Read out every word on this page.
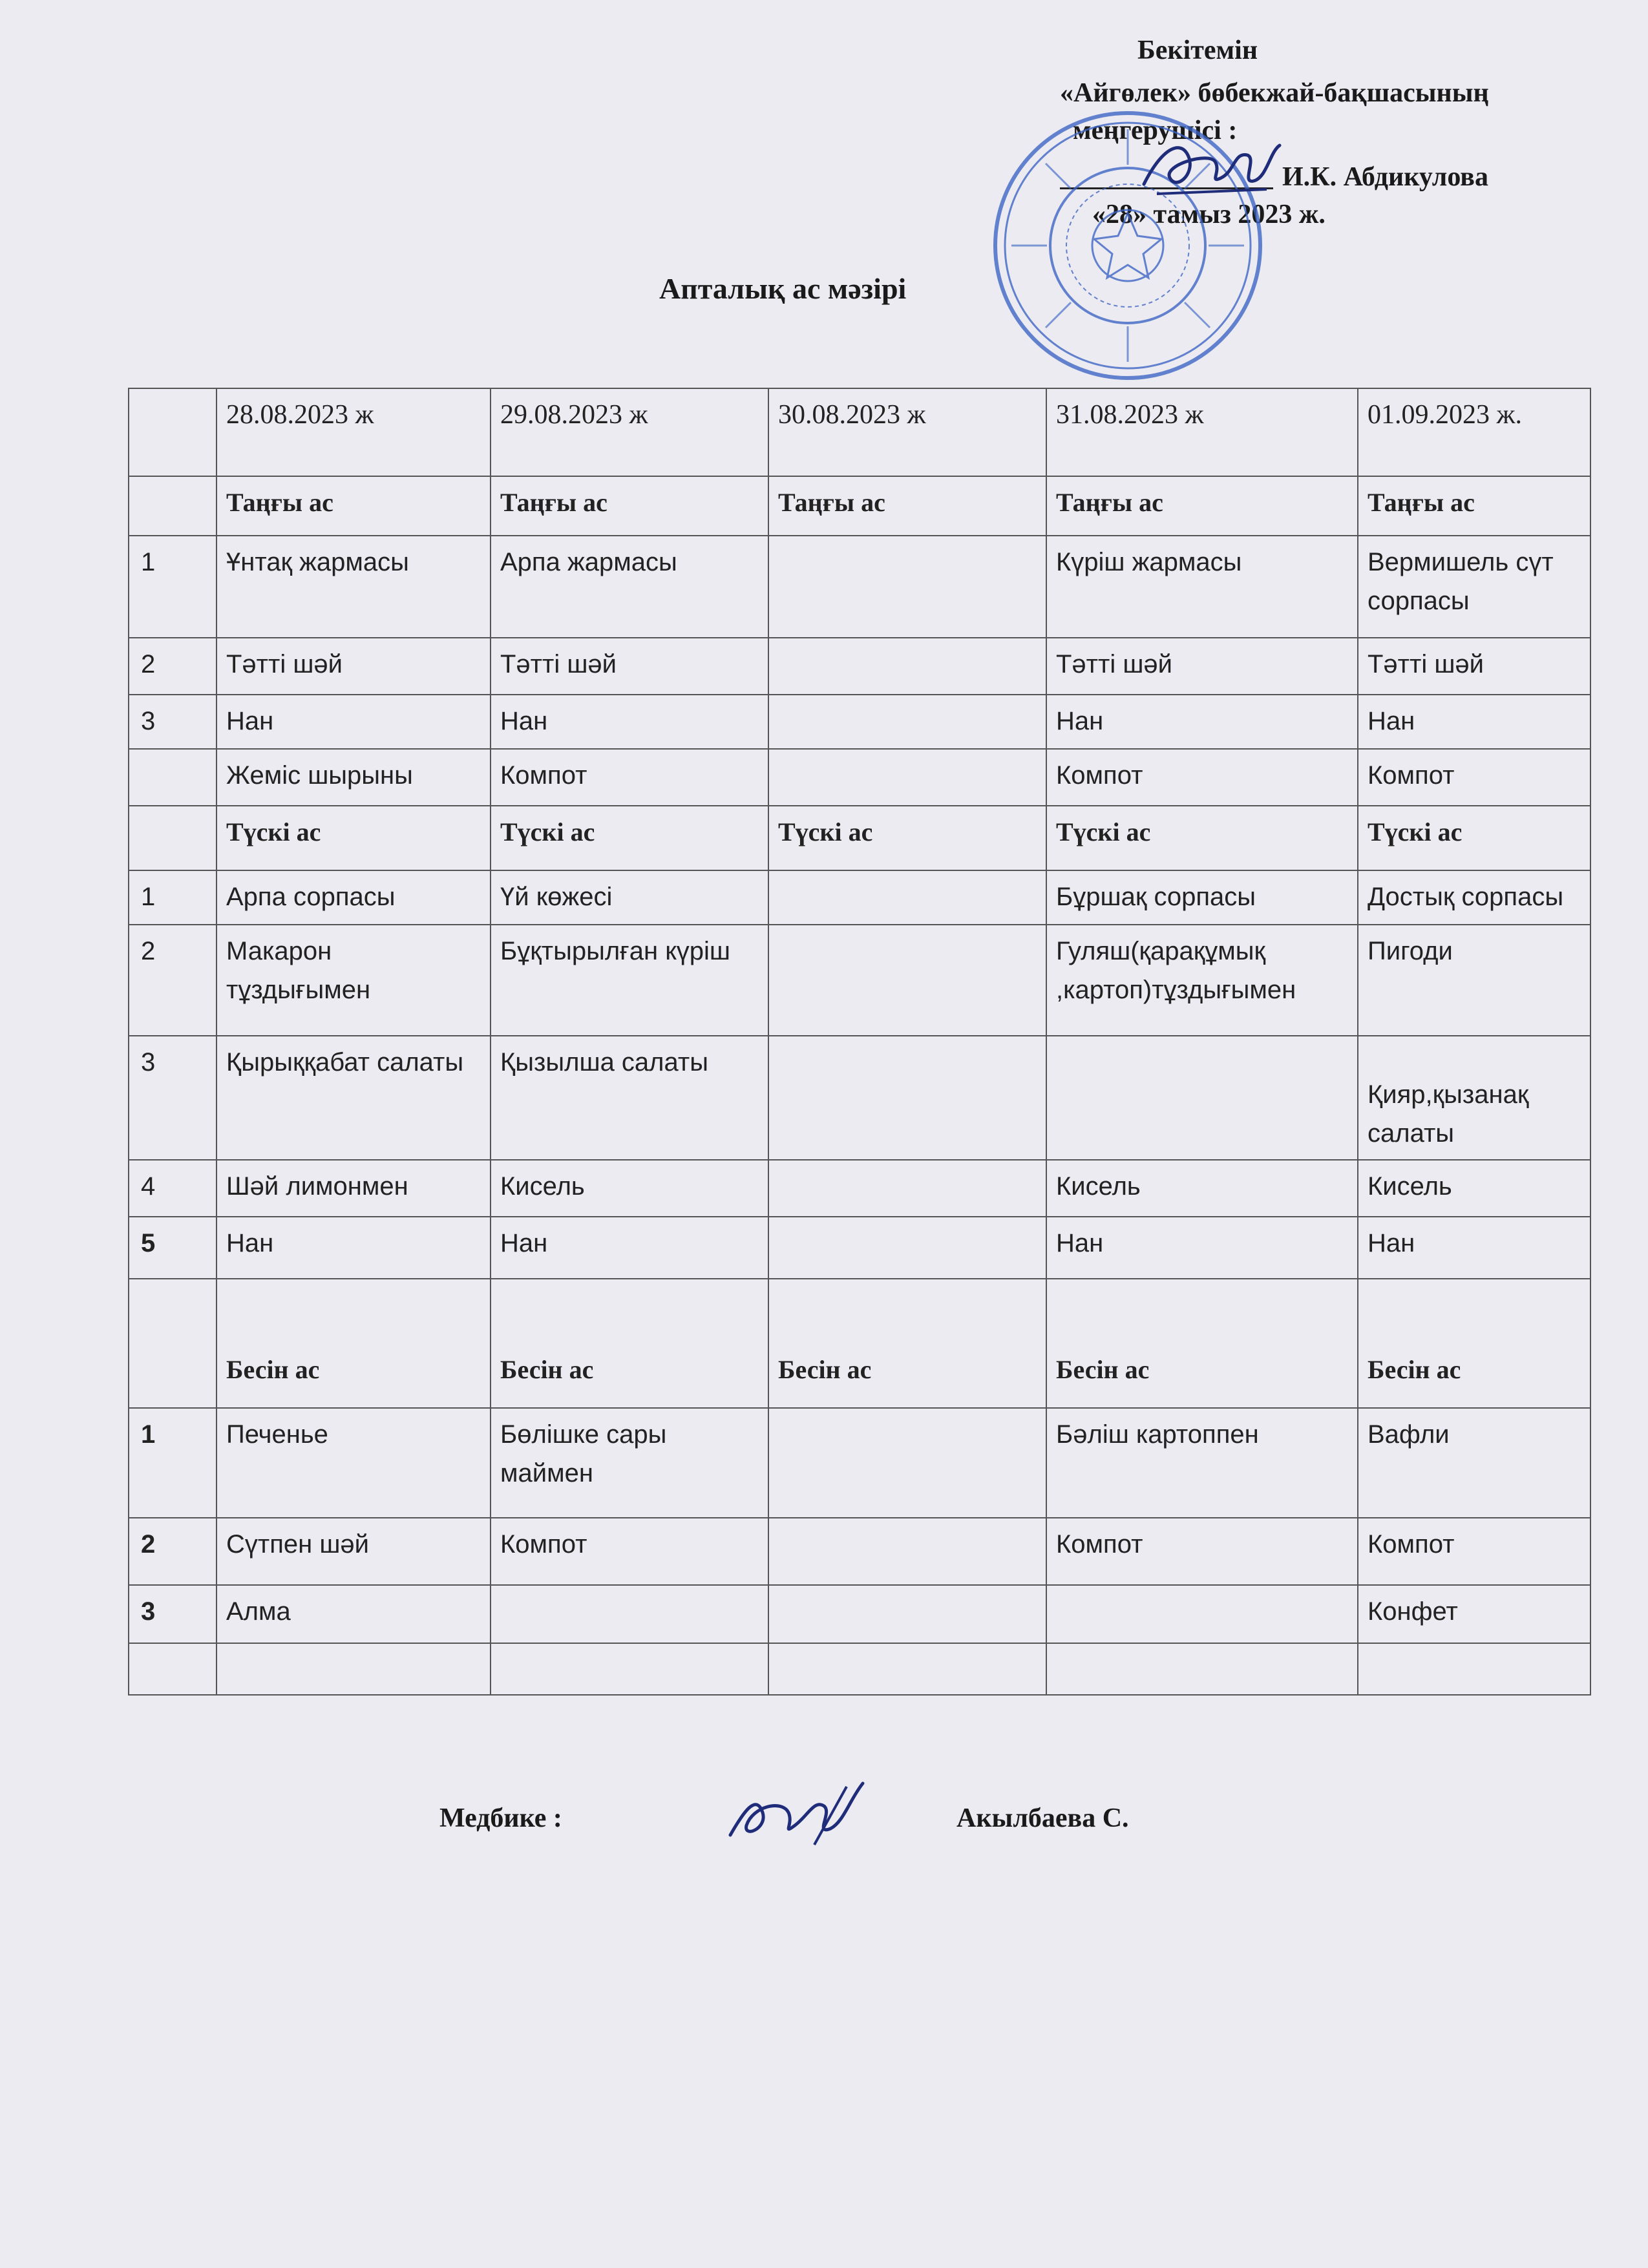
Бекітемін
«Айгөлек» бөбекжай-бақшасының
меңгерушісі :
И.К. Абдикулова
«28» тамыз 2023 ж.
Апталық ас мәзірі
	28.08.2023 ж	29.08.2023 ж	30.08.2023 ж	31.08.2023 ж	01.09.2023 ж.
	Таңғы ас	Таңғы ас	Таңғы ас	Таңғы ас	Таңғы ас
1	Ұнтақ жармасы	Арпа жармасы		Күріш жармасы	Вермишель сүт сорпасы
2	Тәтті шәй	Тәтті шәй		Тәтті шәй	Тәтті шәй
3	Нан	Нан		Нан	Нан
	Жеміс шырыны	Компот		Компот	Компот
	Түскі ас	Түскі ас	Түскі ас	Түскі ас	Түскі ас
1	Арпа сорпасы	Үй көжесі		Бұршақ сорпасы	Достық сорпасы
2	Макарон тұздығымен	Бұқтырылған күріш		Гуляш(қарақұмық ,картоп)тұздығымен	Пигоди
3	Қырыққабат салаты	Қызылша салаты			Қияр,қызанақ салаты
4	Шәй лимонмен	Кисель		Кисель	Кисель
5	Нан	Нан		Нан	Нан
	Бесін ас	Бесін ас	Бесін ас	Бесін ас	Бесін ас
1	Печенье	Бөлішке сары маймен		Бәліш картоппен	Вафли
2	Сүтпен шәй	Компот		Компот	Компот
3	Алма				Конфет

Медбике :	Акылбаева С.
